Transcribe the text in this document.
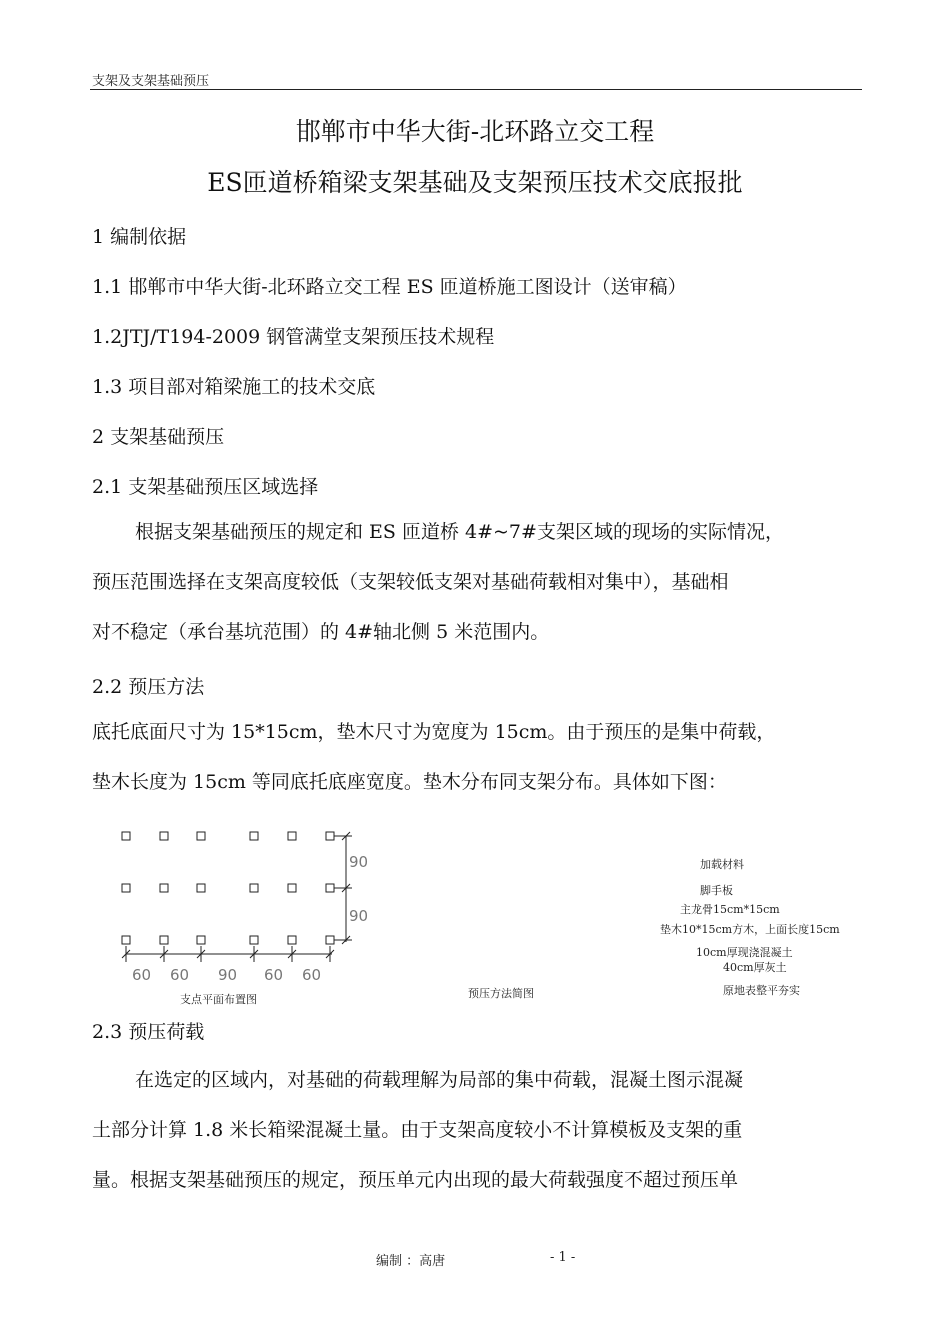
支架及支架基础预压
邯郸市中华大街-北环路立交工程
ES匝道桥箱梁支架基础及支架预压技术交底报批
1 编制依据
1.1 邯郸市中华大街-北环路立交工程 ES 匝道桥施工图设计（送审稿）
1.2JTJ/T194-2009 钢管满堂支架预压技术规程
1.3 项目部对箱梁施工的技术交底
2 支架基础预压
2.1 支架基础预压区域选择
根据支架基础预压的规定和 ES 匝道桥 4#~7#支架区域的现场的实际情况，
预压范围选择在支架高度较低（支架较低支架对基础荷载相对集中），基础相
对不稳定（承台基坑范围）的 4#轴北侧 5 米范围内。
2.2 预压方法
底托底面尺寸为 15*15cm，垫木尺寸为宽度为 15cm。由于预压的是集中荷载，
垫木长度为 15cm 等同底托底座宽度。垫木分布同支架分布。具体如下图：
90
90
60 60 90 60 60
支点平面布置图	预压方法简图
加载材料
脚手板
主龙骨15cm*15cm
垫木10*15cm方木，上面长度15cm
10cm厚现浇混凝土
40cm厚灰土
原地表整平夯实
2.3 预压荷载
在选定的区域内，对基础的荷载理解为局部的集中荷载，混凝土图示混凝
土部分计算 1.8 米长箱梁混凝土量。由于支架高度较小不计算模板及支架的重
量。根据支架基础预压的规定，预压单元内出现的最大荷载强度不超过预压单
编制 ：高唐	- 1 -
